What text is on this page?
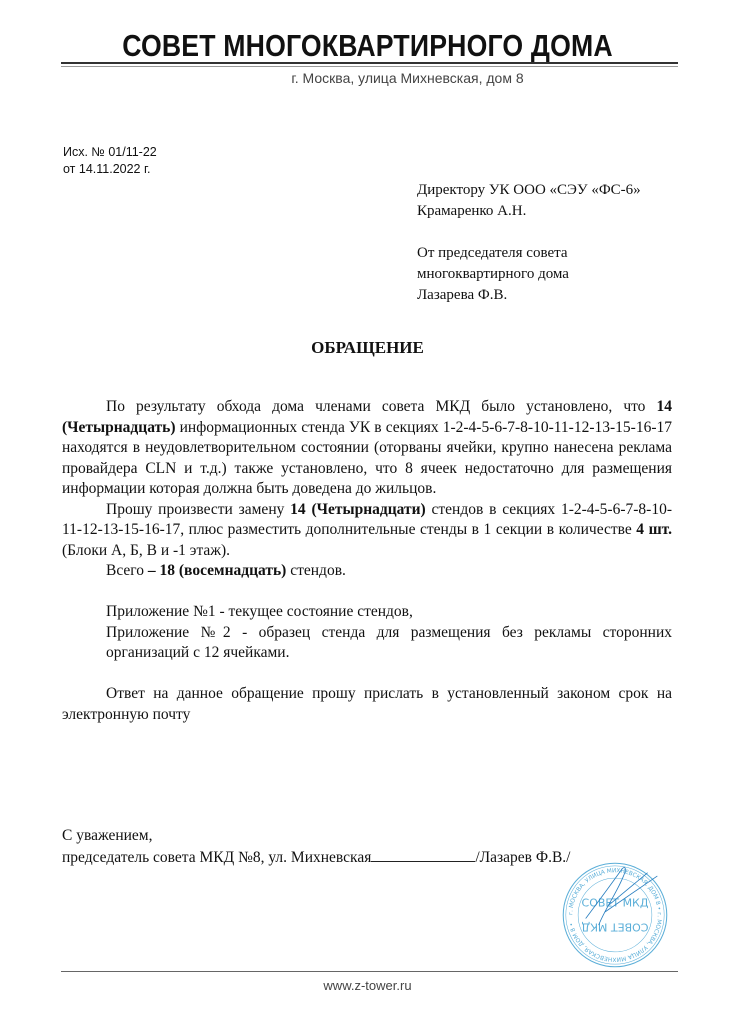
СОВЕТ МНОГОКВАРТИРНОГО ДОМА
г. Москва, улица Михневская, дом 8
Исх. № 01/11-22
от 14.11.2022 г.
Директору УК ООО «СЭУ «ФС-6»
Крамаренко А.Н.
От председателя совета
многоквартирного дома
Лазарева Ф.В.
ОБРАЩЕНИЕ

По результату обхода дома членами совета МКД было установлено, что 14 (Четырнадцать) информационных стенда УК в секциях 1-2-4-5-6-7-8-10-11-12-13-15-16-17 находятся в неудовлетворительном состоянии (оторваны ячейки, крупно нанесена реклама провайдера CLN и т.д.) также установлено, что 8 ячеек недостаточно для размещения информации которая должна быть доведена до жильцов.

Прошу произвести замену 14 (Четырнадцати) стендов в секциях 1-2-4-5-6-7-8-10-11-12-13-15-16-17, плюс разместить дополнительные стенды в 1 секции в количестве 4 шт. (Блоки А, Б, В и -1 этаж).

Всего – 18 (восемнадцать) стендов.

Приложение №1 - текущее состояние стендов,
Приложение №2 - образец стенда для размещения без рекламы сторонних организаций с 12 ячейками.

Ответ на данное обращение прошу прислать в установленный законом срок на электронную почту

С уважением,
председатель совета МКД №8, ул. Михневская	/Лазарев Ф.В./
г. МОСКВА, УЛИЦА МИХНЕВСКАЯ, ДОМ 8 • г. МОСКВА, УЛИЦА МИХНЕВСКАЯ, ДОМ 8 •
СОВЕТ МКД
СОВЕТ МКД
www.z-tower.ru
